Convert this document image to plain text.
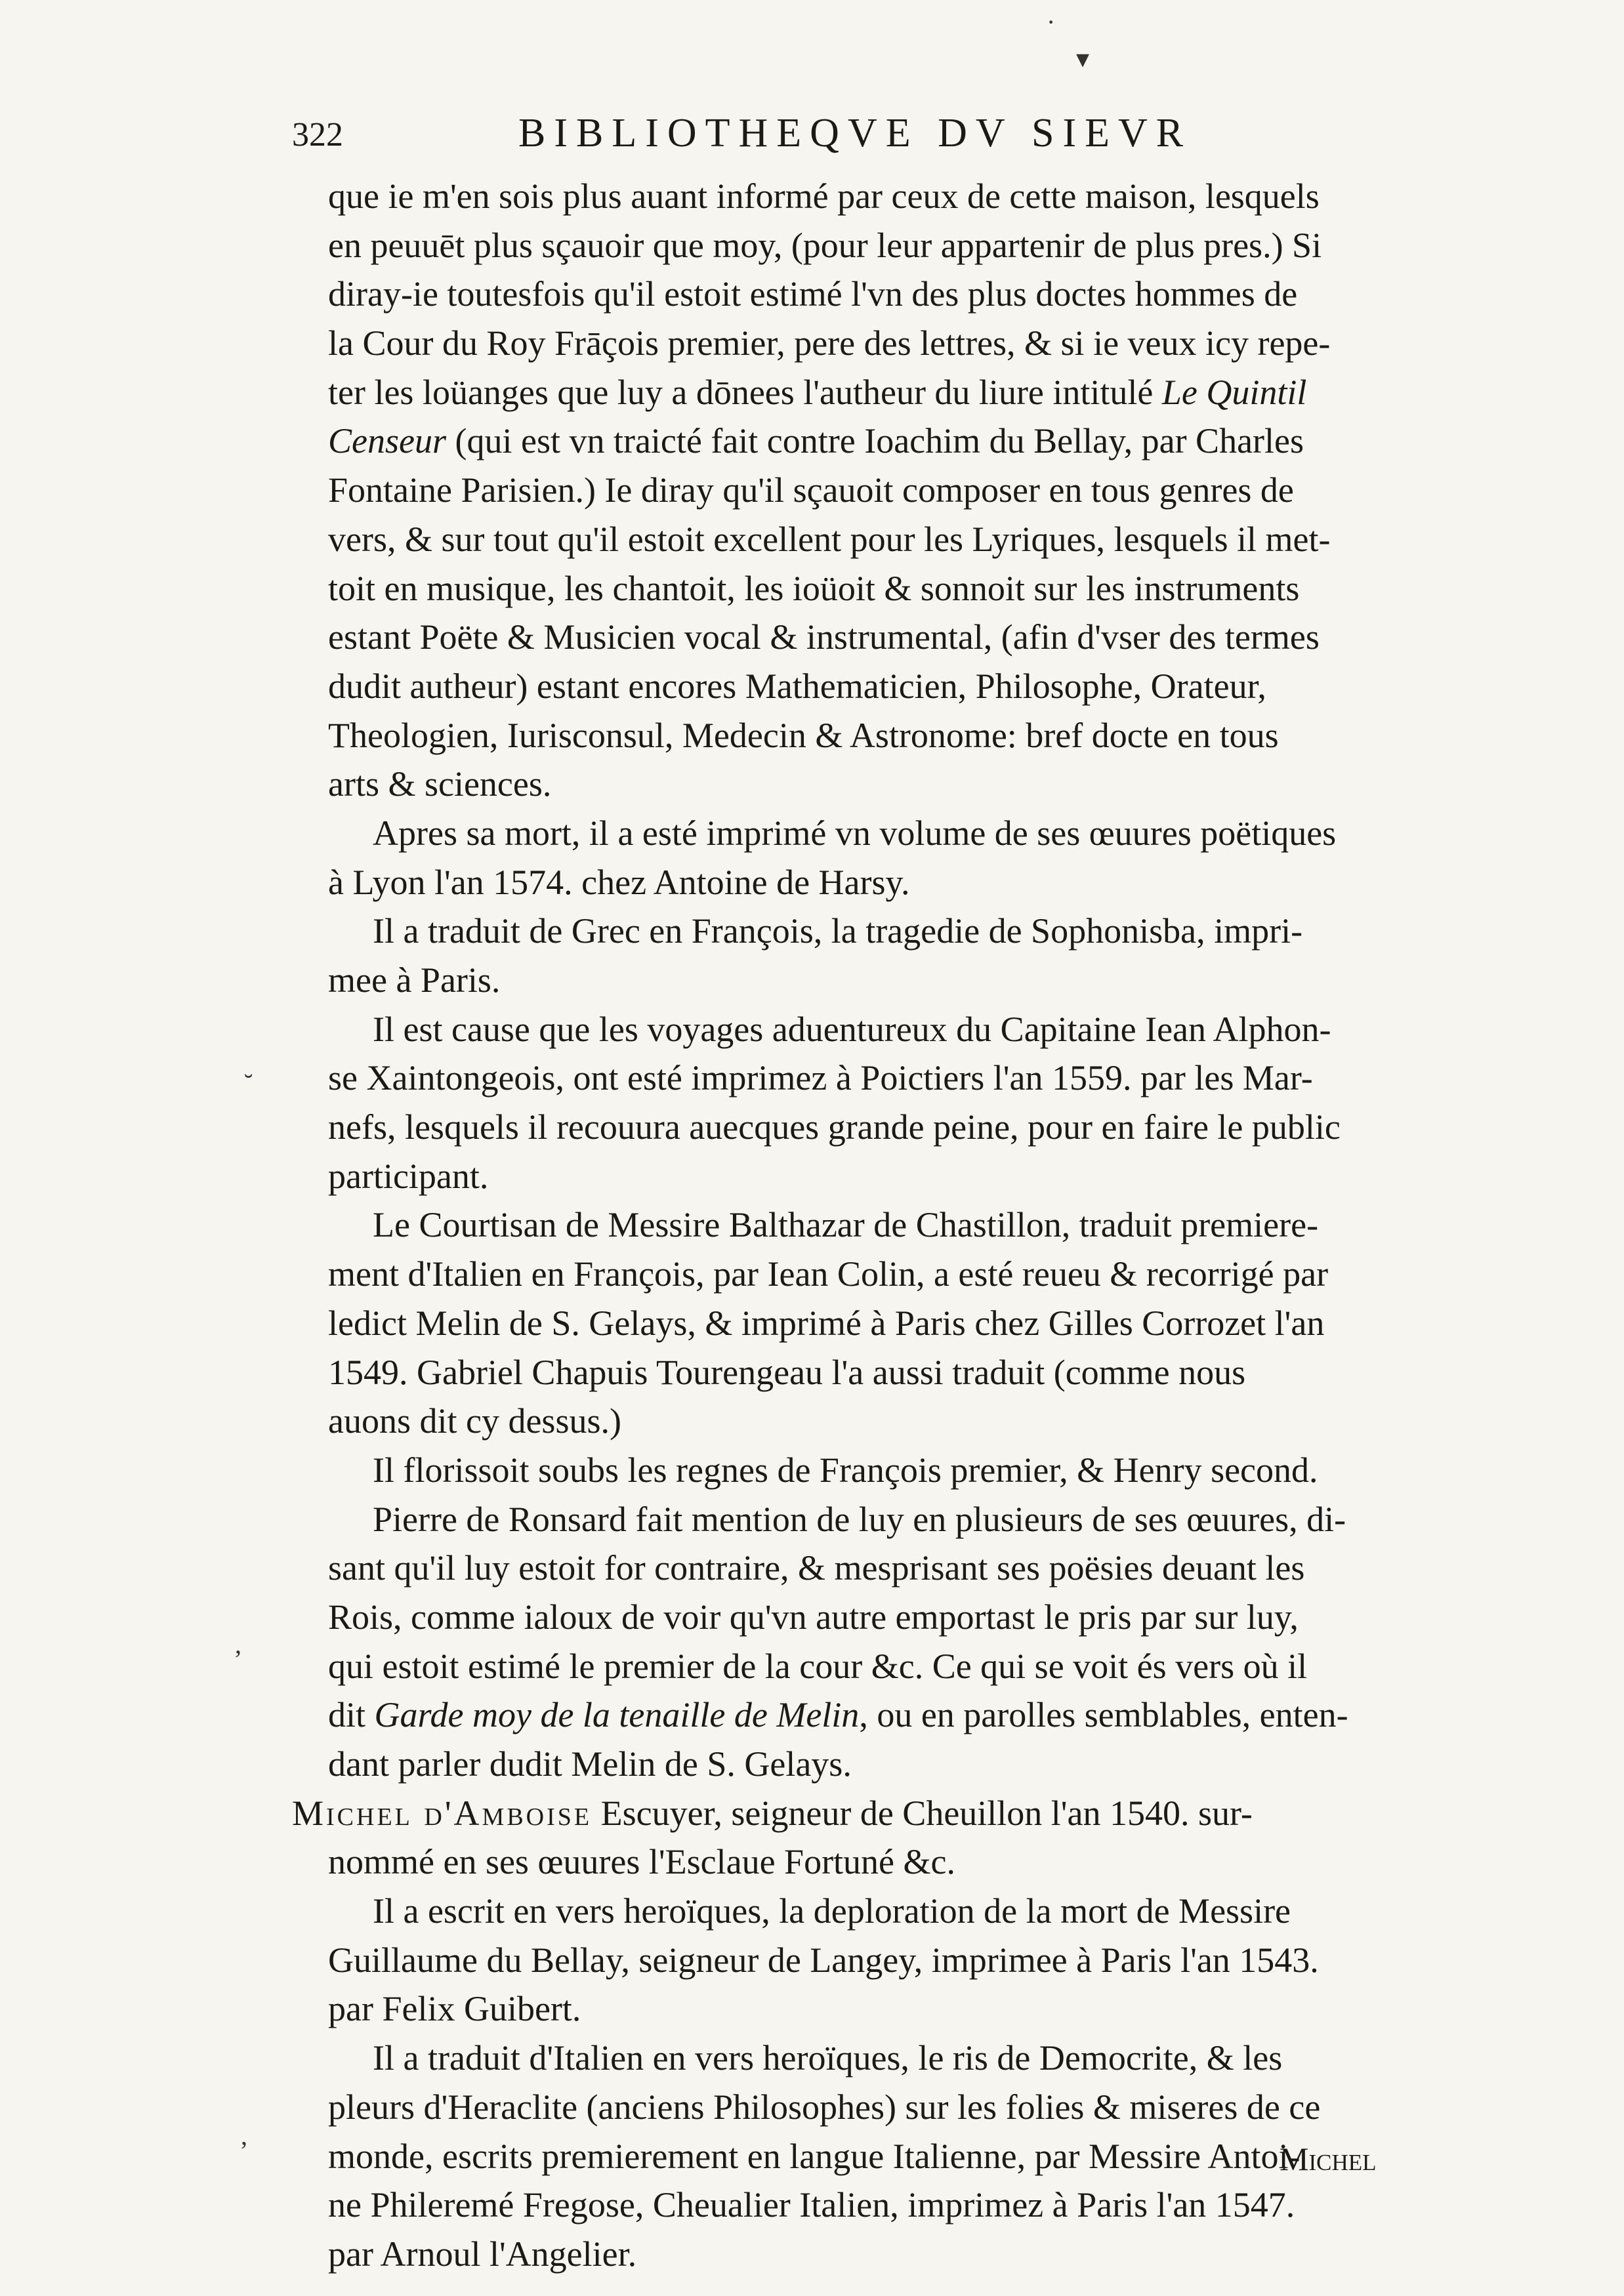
322	BIBLIOTHEQVE DV SIEVR
que ie m'en sois plus auant informé par ceux de cette maison, lesquels
en peuuēt plus sçauoir que moy, (pour leur appartenir de plus pres.) Si
diray-ie toutesfois qu'il estoit estimé l'vn des plus doctes hommes de
la Cour du Roy Frāçois premier, pere des lettres, & si ie veux icy repe-
ter les loüanges que luy a dōnees l'autheur du liure intitulé Le Quintil
Censeur (qui est vn traicté fait contre Ioachim du Bellay, par Charles
Fontaine Parisien.) Ie diray qu'il sçauoit composer en tous genres de
vers, & sur tout qu'il estoit excellent pour les Lyriques, lesquels il met-
toit en musique, les chantoit, les ioüoit & sonnoit sur les instruments
estant Poëte & Musicien vocal & instrumental, (afin d'vser des termes
dudit autheur) estant encores Mathematicien, Philosophe, Orateur,
Theologien, Iurisconsul, Medecin & Astronome: bref docte en tous
arts & sciences.
Apres sa mort, il a esté imprimé vn volume de ses œuures poëtiques
à Lyon l'an 1574. chez Antoine de Harsy.
Il a traduit de Grec en François, la tragedie de Sophonisba, impri-
mee à Paris.
Il est cause que les voyages aduentureux du Capitaine Iean Alphon-
se Xaintongeois, ont esté imprimez à Poictiers l'an 1559. par les Mar-
nefs, lesquels il recouura auecques grande peine, pour en faire le public
participant.
Le Courtisan de Messire Balthazar de Chastillon, traduit premiere-
ment d'Italien en François, par Iean Colin, a esté reueu & recorrigé par
ledict Melin de S. Gelays, & imprimé à Paris chez Gilles Corrozet l'an
1549. Gabriel Chapuis Tourengeau l'a aussi traduit (comme nous
auons dit cy dessus.)
Il florissoit soubs les regnes de François premier, & Henry second.
Pierre de Ronsard fait mention de luy en plusieurs de ses œuures, di-
sant qu'il luy estoit for contraire, & mesprisant ses poësies deuant les
Rois, comme ialoux de voir qu'vn autre emportast le pris par sur luy,
qui estoit estimé le premier de la cour &c. Ce qui se voit és vers où il
dit Garde moy de la tenaille de Melin, ou en parolles semblables, enten-
dant parler dudit Melin de S. Gelays.
Michel d'Amboise Escuyer, seigneur de Cheuillon l'an 1540. sur-
nommé en ses œuures l'Esclaue Fortuné &c.
Il a escrit en vers heroïques, la deploration de la mort de Messire
Guillaume du Bellay, seigneur de Langey, imprimee à Paris l'an 1543.
par Felix Guibert.
Il a traduit d'Italien en vers heroïques, le ris de Democrite, & les
pleurs d'Heraclite (anciens Philosophes) sur les folies & miseres de ce
monde, escrits premierement en langue Italienne, par Messire Antoi-
ne Phileremé Fregose, Cheualier Italien, imprimez à Paris l'an 1547.
par Arnoul l'Angelier.
Michel
·
▾
˘
ʼ
ʼ
